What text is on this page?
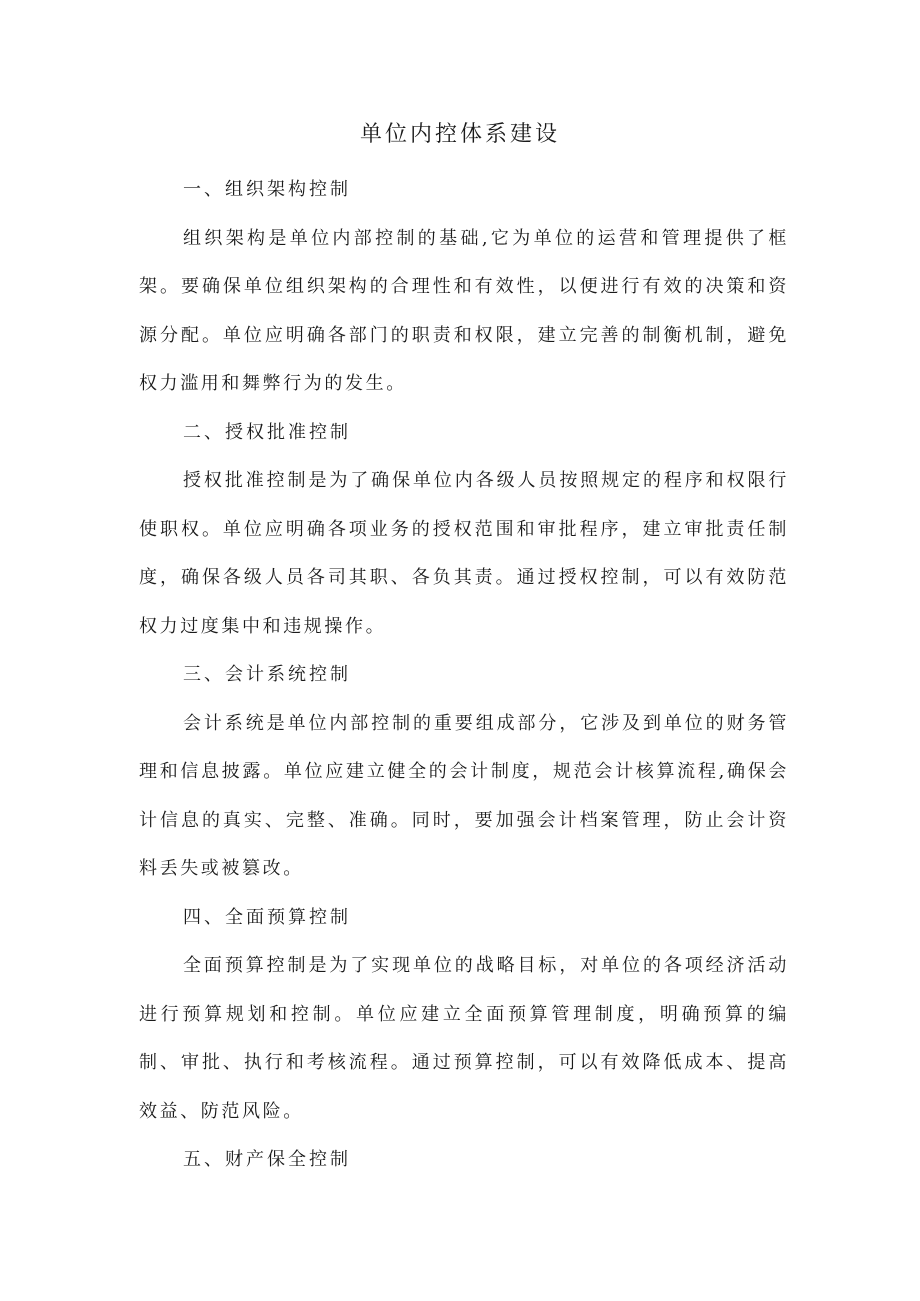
单位内控体系建设

一、组织架构控制

组织架构是单位内部控制的基础,它为单位的运营和管理提供了框架。要确保单位组织架构的合理性和有效性，以便进行有效的决策和资源分配。单位应明确各部门的职责和权限，建立完善的制衡机制，避免权力滥用和舞弊行为的发生。

二、授权批准控制

授权批准控制是为了确保单位内各级人员按照规定的程序和权限行使职权。单位应明确各项业务的授权范围和审批程序，建立审批责任制度，确保各级人员各司其职、各负其责。通过授权控制，可以有效防范权力过度集中和违规操作。

三、会计系统控制

会计系统是单位内部控制的重要组成部分，它涉及到单位的财务管理和信息披露。单位应建立健全的会计制度，规范会计核算流程,确保会计信息的真实、完整、准确。同时，要加强会计档案管理，防止会计资料丢失或被篡改。

四、全面预算控制

全面预算控制是为了实现单位的战略目标，对单位的各项经济活动进行预算规划和控制。单位应建立全面预算管理制度，明确预算的编制、审批、执行和考核流程。通过预算控制，可以有效降低成本、提高效益、防范风险。

五、财产保全控制
